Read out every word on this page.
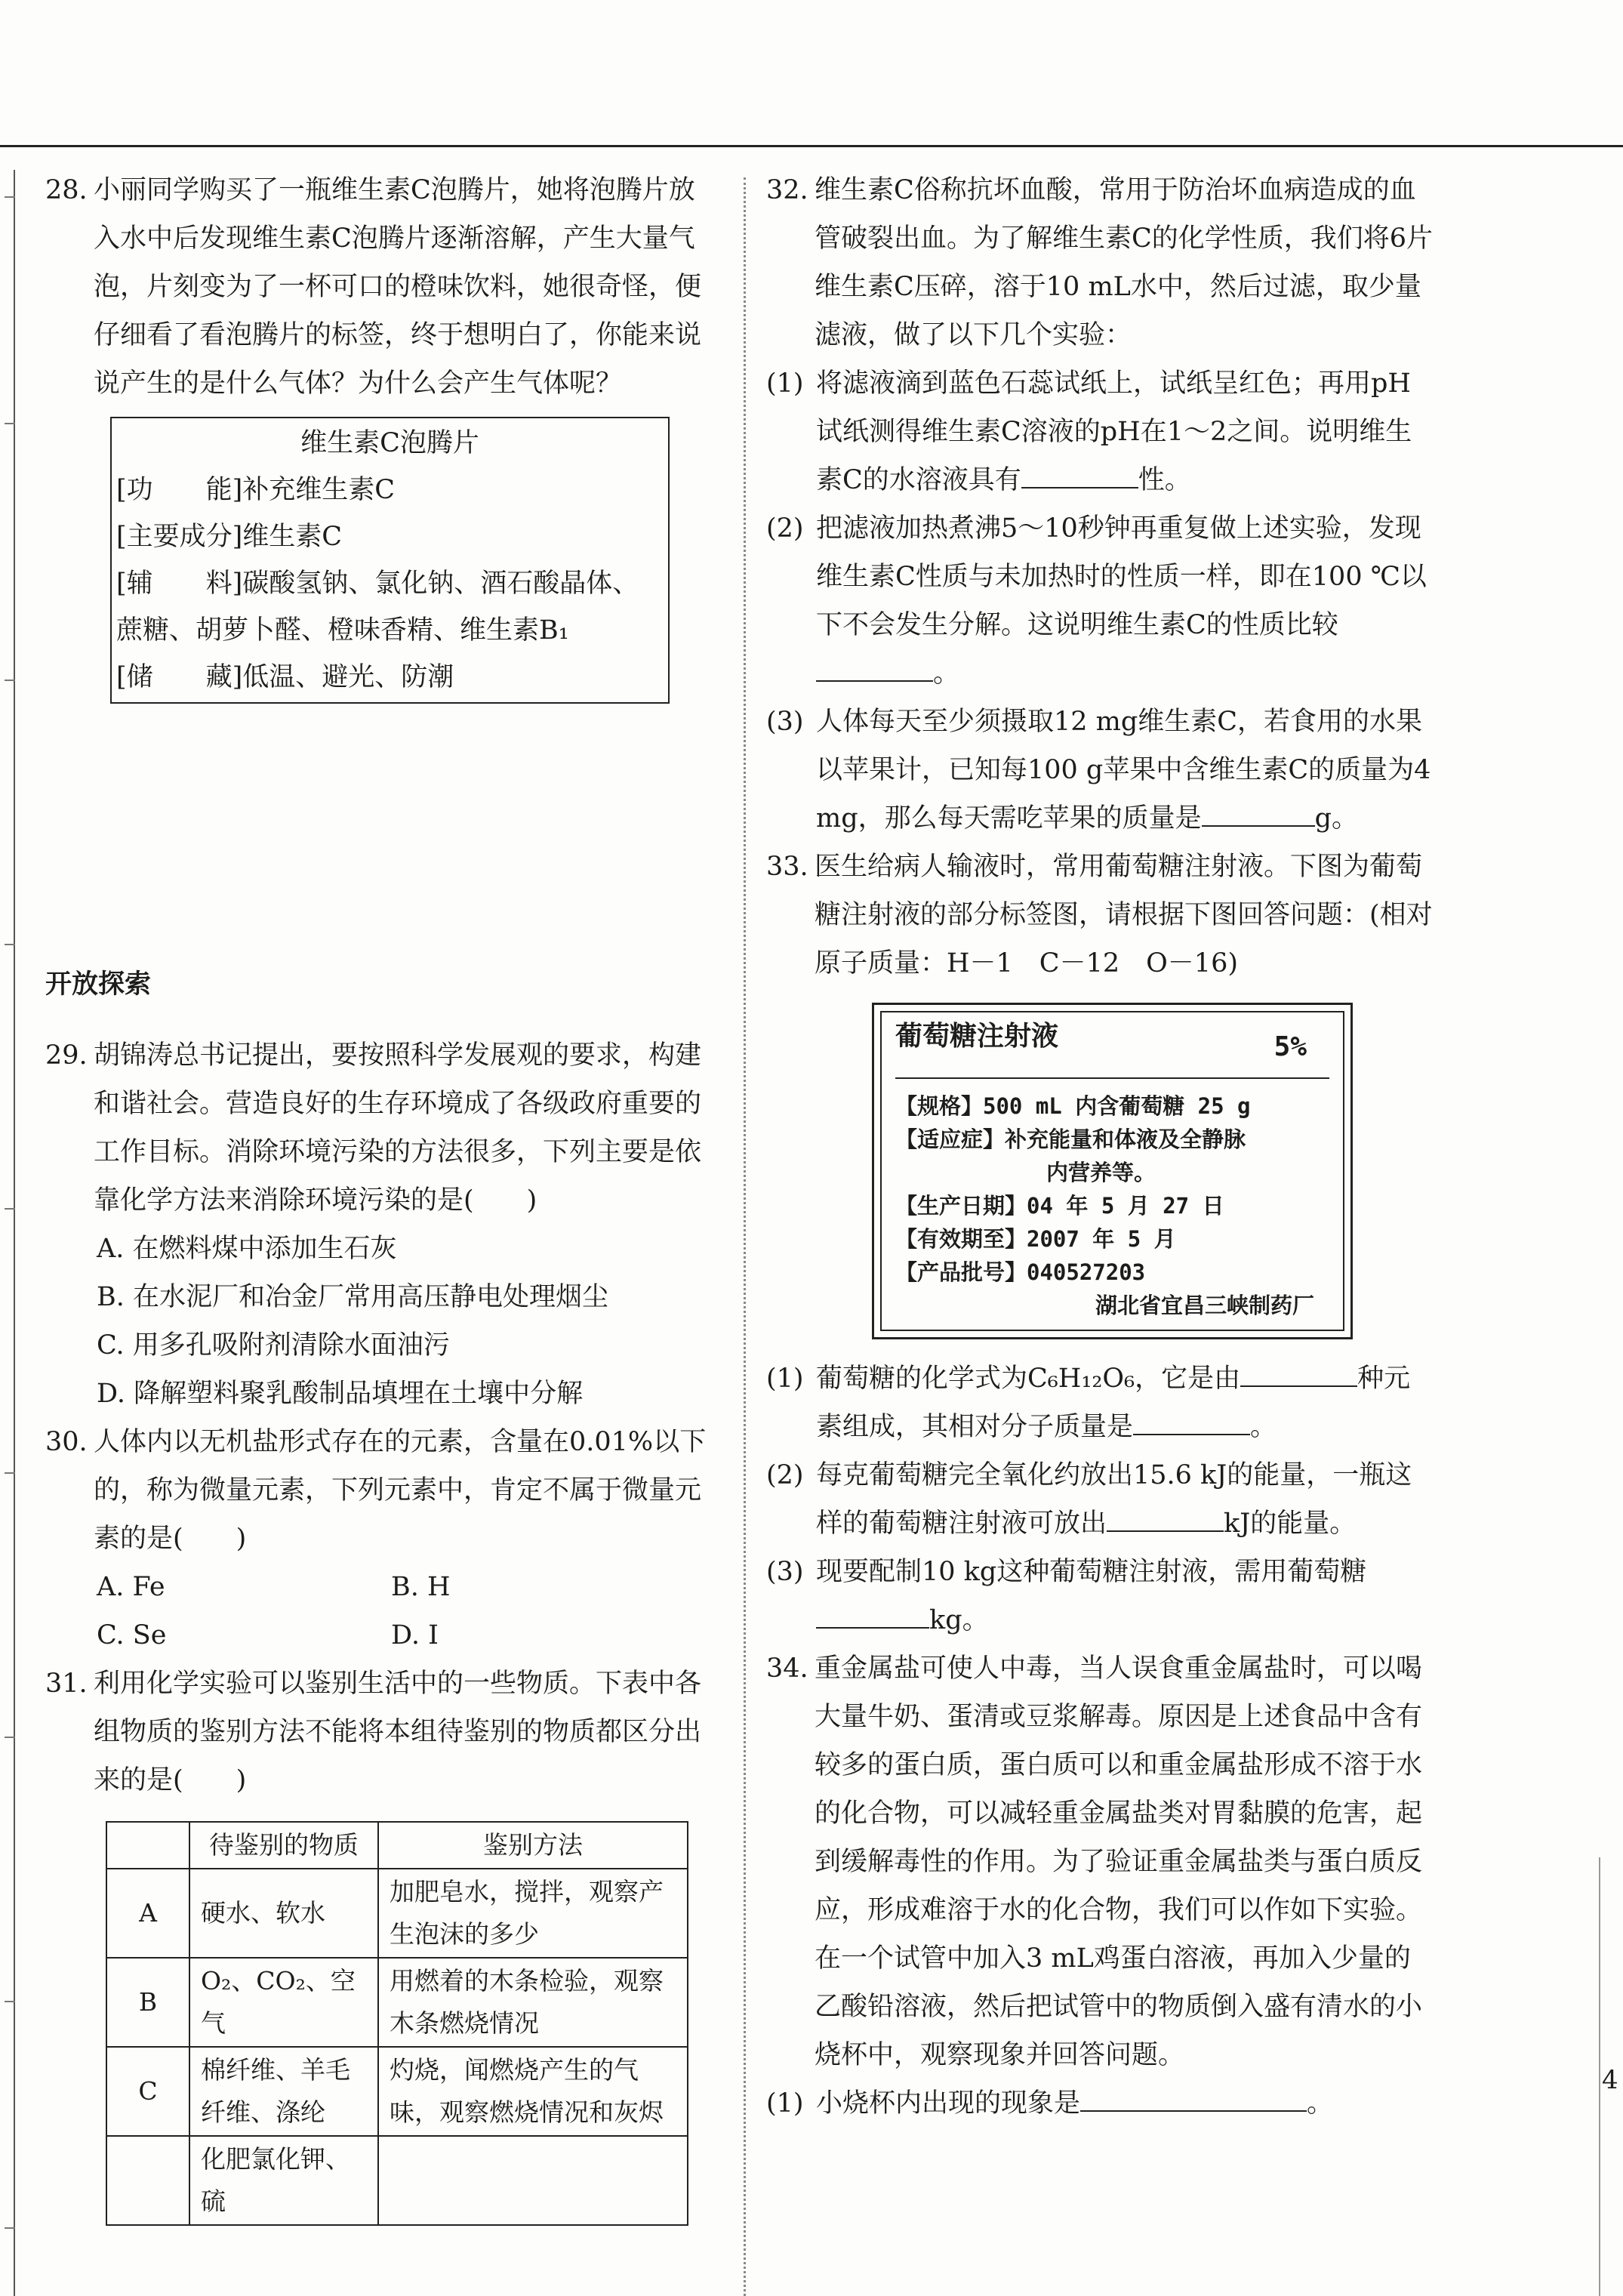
28. 小丽同学购买了一瓶维生素C泡腾片，她将泡腾片放入水中后发现维生素C泡腾片逐渐溶解，产生大量气泡，片刻变为了一杯可口的橙味饮料，她很奇怪，便仔细看了看泡腾片的标签，终于想明白了，你能来说说产生的是什么气体？为什么会产生气体呢？
维生素C泡腾片
[功　　能]补充维生素C
[主要成分]维生素C
[辅　　料]碳酸氢钠、氯化钠、酒石酸晶体、蔗糖、胡萝卜醛、橙味香精、维生素B₁
[储　　藏]低温、避光、防潮

开放探索

29. 胡锦涛总书记提出，要按照科学发展观的要求，构建和谐社会。营造良好的生存环境成了各级政府重要的工作目标。消除环境污染的方法很多，下列主要是依靠化学方法来消除环境污染的是(　　)

A. 在燃料煤中添加生石灰

B. 在水泥厂和冶金厂常用高压静电处理烟尘

C. 用多孔吸附剂清除水面油污

D. 降解塑料聚乳酸制品填埋在土壤中分解

30. 人体内以无机盐形式存在的元素，含量在0.01%以下的，称为微量元素，下列元素中，肯定不属于微量元素的是(　　)
A. Fe	B. H
C. Se	D. I
31. 利用化学实验可以鉴别生活中的一些物质。下表中各组物质的鉴别方法不能将本组待鉴别的物质都区分出来的是(　　)
	待鉴别的物质	鉴别方法
A	硬水、软水	加肥皂水，搅拌，观察产生泡沫的多少
B	O₂、CO₂、空气	用燃着的木条检验，观察木条燃烧情况
C	棉纤维、羊毛纤维、涤纶	灼烧，闻燃烧产生的气味，观察燃烧情况和灰烬
	化肥氯化钾、硫	
32. 维生素C俗称抗坏血酸，常用于防治坏血病造成的血管破裂出血。为了解维生素C的化学性质，我们将6片维生素C压碎，溶于10 mL水中，然后过滤，取少量滤液，做了以下几个实验：
(1) 将滤液滴到蓝色石蕊试纸上，试纸呈红色；再用pH试纸测得维生素C溶液的pH在1～2之间。说明维生素C的水溶液具有	性。
(2) 把滤液加热煮沸5～10秒钟再重复做上述实验，发现维生素C性质与未加热时的性质一样，即在100 ℃以下不会发生分解。这说明维生素C的性质比较。
(3) 人体每天至少须摄取12 mg维生素C，若食用的水果以苹果计，已知每100 g苹果中含维生素C的质量为4 mg，那么每天需吃苹果的质量是	g。
33. 医生给病人输液时，常用葡萄糖注射液。下图为葡萄糖注射液的部分标签图，请根据下图回答问题：(相对原子质量：H－1　C－12　O－16)
葡萄糖注射液	5%
【规格】500 mL 内含葡萄糖 25 g
【适应症】补充能量和体液及全静脉
内营养等。
【生产日期】04 年 5 月 27 日
【有效期至】2007 年 5 月
【产品批号】040527203
湖北省宜昌三峡制药厂
(1) 葡萄糖的化学式为C₆H₁₂O₆，它是由	种元素组成，其相对分子质量是	。
(2) 每克葡萄糖完全氧化约放出15.6 kJ的能量，一瓶这样的葡萄糖注射液可放出	kJ的能量。
(3) 现要配制10 kg这种葡萄糖注射液，需用葡萄糖kg。
34. 重金属盐可使人中毒，当人误食重金属盐时，可以喝大量牛奶、蛋清或豆浆解毒。原因是上述食品中含有较多的蛋白质，蛋白质可以和重金属盐形成不溶于水的化合物，可以减轻重金属盐类对胃黏膜的危害，起到缓解毒性的作用。为了验证重金属盐类与蛋白质反应，形成难溶于水的化合物，我们可以作如下实验。
在一个试管中加入3 mL鸡蛋白溶液，再加入少量的乙酸铅溶液，然后把试管中的物质倒入盛有清水的小烧杯中，观察现象并回答问题。
(1) 小烧杯内出现的现象是	。
4
